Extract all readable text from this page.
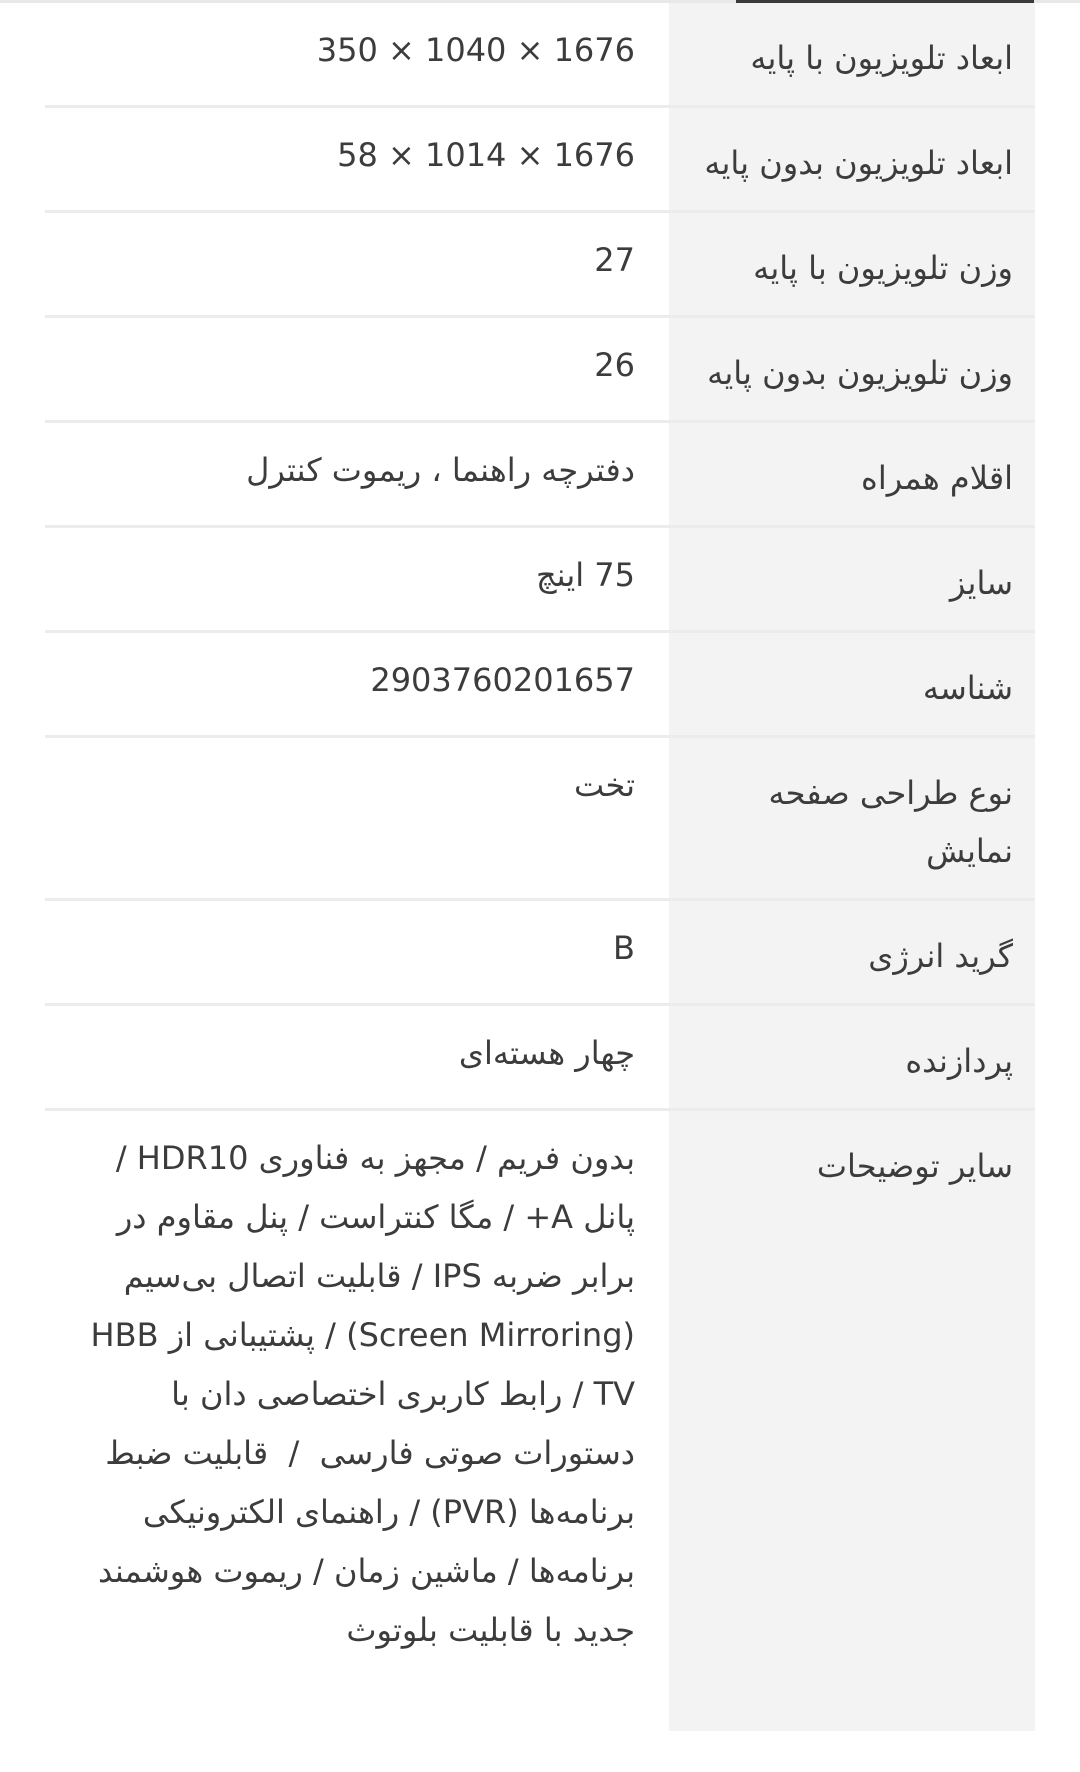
ابعاد تلویزیون با پایه
1676 × 1040 × 350
ابعاد تلویزیون بدون پایه
1676 × 1014 × 58
وزن تلویزیون با پایه
27
وزن تلویزیون بدون پایه
26
اقلام همراه
دفترچه راهنما ، ریموت کنترل
سایز
75 اینچ
شناسه
2903760201657
نوع طراحی صفحه نمایش
تخت
گرید انرژی
B
پردازنده
چهار هسته‌ای
سایر توضیحات
بدون فریم / مجهز به فناوری HDR10 / پانل A+ / مگا کنتراست / پنل مقاوم در برابر ضربه IPS / قابلیت اتصال بی‌سیم (Screen Mirroring) / پشتیبانی از HBB TV / رابط کاربری اختصاصی دان با دستورات صوتی فارسی  /  قابلیت ضبط برنامه‌ها (PVR) / راهنمای الکترونیکی برنامه‌ها / ماشین زمان / ریموت هوشمند جدید با قابلیت بلوتوث
